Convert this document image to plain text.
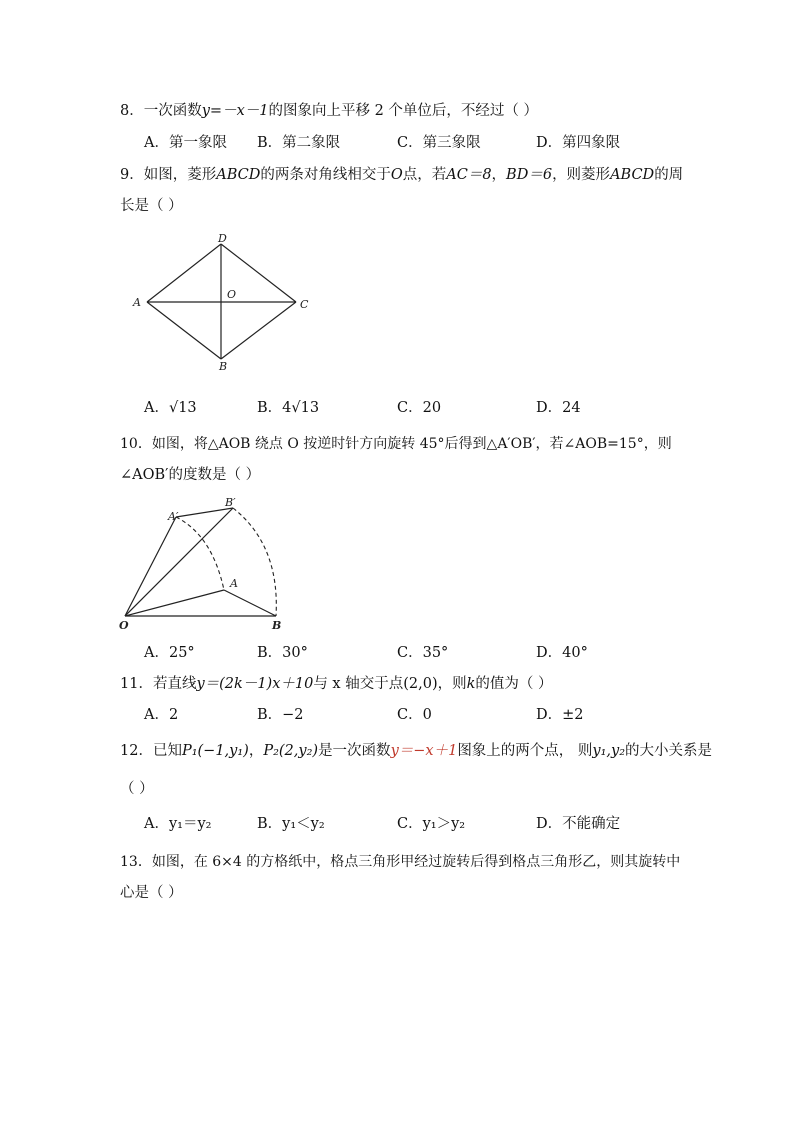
8．一次函数y=－x－1的图象向上平移 2 个单位后，不经过（ ）
A．第一象限 B．第二象限	C．第三象限	D．第四象限
9．如图，菱形ABCD的两条对角线相交于O点，若AC＝8，BD＝6，则菱形ABCD的周
长是（ ）
D
A
O
C
B
A．√13	B．4√13	C．20	D．24
10．如图，将△AOB 绕点 O 按逆时针方向旋转 45°后得到△A′OB′，若∠AOB=15°，则
∠AOB′的度数是（ ）
A′
B′
A
O	B
A．25°	B．30°	C．35°	D．40°
11．若直线y＝(2k－1)x＋10与 x 轴交于点(2,0)，则k的值为（ ）
A．2	B．−2	C．0	D．±2
12．已知P₁(−1,y₁)，P₂(2,y₂)是一次函数y＝−x＋1图象上的两个点， 则y₁,y₂的大小关系是
（ ）
A．y₁＝y₂	B．y₁＜y₂	C．y₁＞y₂	D．不能确定
13．如图，在 6×4 的方格纸中，格点三角形甲经过旋转后得到格点三角形乙，则其旋转中
心是（ ）
